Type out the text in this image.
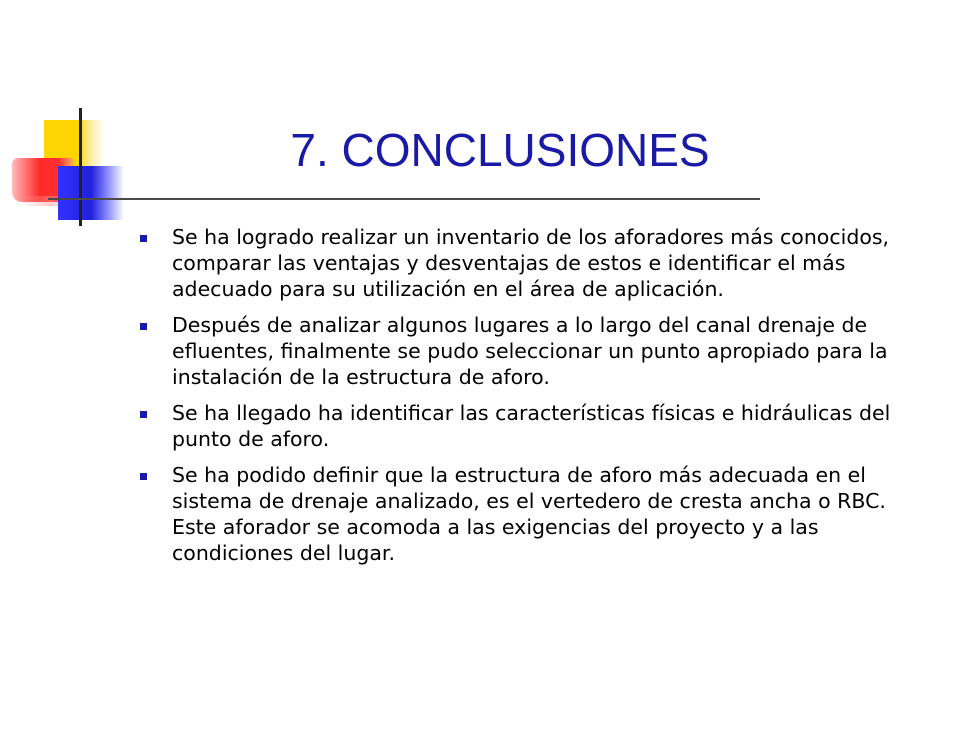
7. CONCLUSIONES
Se ha logrado realizar un inventario de los aforadores más conocidos, comparar las ventajas y desventajas de estos e identificar el más adecuado para su utilización en el área de aplicación.
Después de analizar algunos lugares a lo largo del canal drenaje de efluentes, finalmente se pudo seleccionar un punto apropiado para la instalación de la estructura de aforo.
Se ha llegado ha identificar las características físicas e hidráulicas del punto de aforo.
Se ha podido definir que la estructura de aforo más adecuada en el sistema de drenaje analizado, es el vertedero de cresta ancha o RBC. Este aforador se acomoda a las exigencias del proyecto y a las condiciones del lugar.
